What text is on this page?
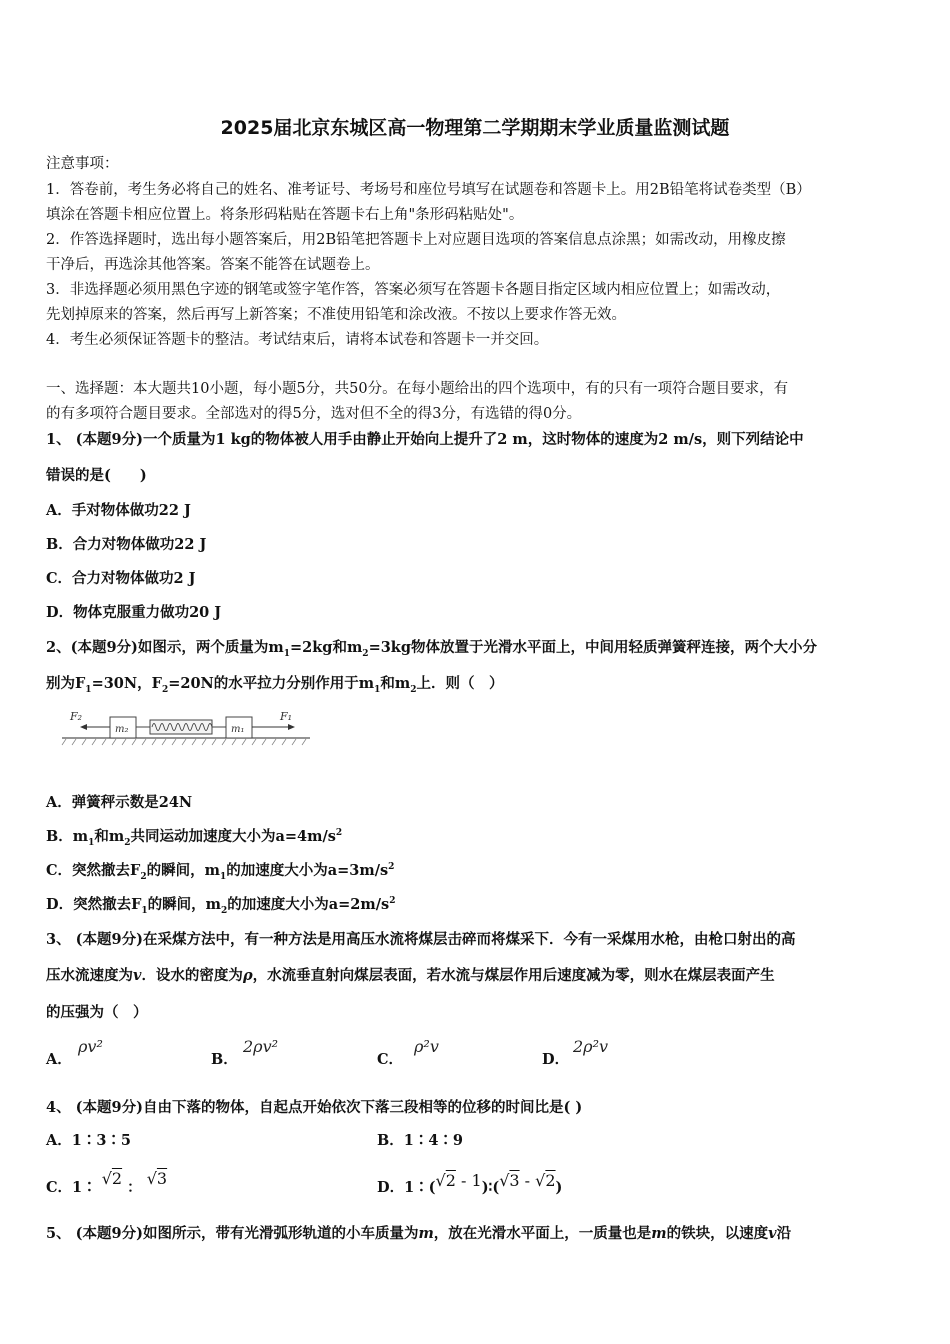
2025届北京东城区高一物理第二学期期末学业质量监测试题
注意事项：
1．答卷前，考生务必将自己的姓名、准考证号、考场号和座位号填写在试题卷和答题卡上。用2B铅笔将试卷类型（B）
填涂在答题卡相应位置上。将条形码粘贴在答题卡右上角"条形码粘贴处"。
2．作答选择题时，选出每小题答案后，用2B铅笔把答题卡上对应题目选项的答案信息点涂黑；如需改动，用橡皮擦
干净后，再选涂其他答案。答案不能答在试题卷上。
3．非选择题必须用黑色字迹的钢笔或签字笔作答，答案必须写在答题卡各题目指定区域内相应位置上；如需改动，
先划掉原来的答案，然后再写上新答案；不准使用铅笔和涂改液。不按以上要求作答无效。
4．考生必须保证答题卡的整洁。考试结束后，请将本试卷和答题卡一并交回。
一、选择题：本大题共10小题，每小题5分，共50分。在每小题给出的四个选项中，有的只有一项符合题目要求，有
的有多项符合题目要求。全部选对的得5分，选对但不全的得3分，有选错的得0分。
1、 (本题9分)一个质量为1 kg的物体被人用手由静止开始向上提升了2 m，这时物体的速度为2 m/s，则下列结论中
错误的是(　　)
A．手对物体做功22 J
B．合力对物体做功22 J
C．合力对物体做功2 J
D．物体克服重力做功20 J
2、(本题9分)如图示，两个质量为$m_1=2kg$和$m_2=3kg$物体放置于光滑水平面上，中间用轻质弹簧秤连接，两个大小分
别为$F_1=30N$，$F_2=20N$的水平拉力分别作用于$m_1$和$m_2$上．则（　）
F₂
m₂	m₁
F₁
A．弹簧秤示数是24N
B．$m_1$和$m_2$共同运动加速度大小为$a=4m/s^2$
C．突然撤去$F_2$的瞬间，$m_1$的加速度大小为$a=3m/s^2$
D．突然撤去$F_1$的瞬间，$m_2$的加速度大小为$a=2m/s^2$
3、 (本题9分)在采煤方法中，有一种方法是用高压水流将煤层击碎而将煤采下．今有一采煤用水枪，由枪口射出的高
压水流速度为v．设水的密度为ρ，水流垂直射向煤层表面，若水流与煤层作用后速度减为零，则水在煤层表面产生
的压强为（　）
A．
ρv²
B．
2ρv²
C．
ρ²v
D．
2ρ²v
4、 (本题9分)自由下落的物体，自起点开始依次下落三段相等的位移的时间比是( )
A．1∶3∶5	B．1∶4∶9
C．1∶ √2 ： √3	D．1∶(√2 - 1)∶(√3 - √2)
5、 (本题9分)如图所示，带有光滑弧形轨道的小车质量为m，放在光滑水平面上，一质量也是m的铁块，以速度v沿
